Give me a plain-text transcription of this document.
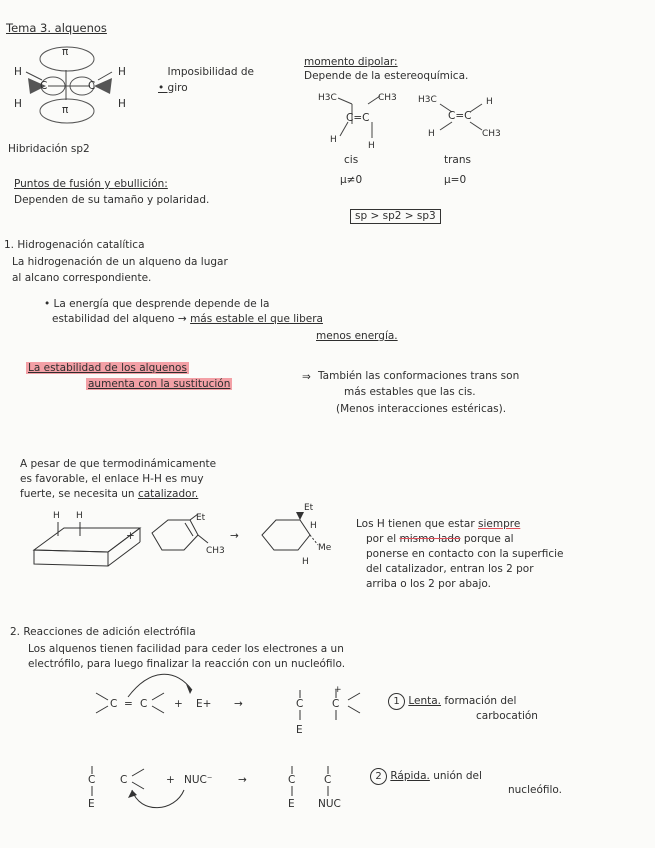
Tema 3. alquenos
π
π
H
H
H
H
C	C	• Imposibilidad de giro
Hibridación sp2
momento dipolar:
Depende de la estereoquímica.
H3C	CH3
C=C
H
H
H3C	H
C=C
H	CH3
cis	trans
μ≠0	μ=0
Puntos de fusión y ebullición:
Dependen de su tamaño y polaridad.
sp > sp2 > sp3
1. Hidrogenación catalítica
La hidrogenación de un alqueno da lugar
al alcano correspondiente.
• La energía que desprende depende de la
estabilidad del alqueno → más estable el que libera
menos energía.
La estabilidad de los alquenos
aumenta con la sustitución
⇒ También las conformaciones trans son
más estables que las cis.
(Menos interacciones estéricas).
A pesar de que termodinámicamente
es favorable, el enlace H-H es muy
fuerte, se necesita un catalizador.
H H
+
Et
CH3
→
Et
H
Me
H
Los H tienen que estar siempre
por el mismo lado porque al
ponerse en contacto con la superficie
del catalizador, entran los 2 por
arriba o los 2 por abajo.
2. Reacciones de adición electrófila
Los alquenos tienen facilidad para ceder los electrones a un
electrófilo, para luego finalizar la reacción con un nucleófilo.
C = C	+ E+ →	C	C
+
E
1 Lenta. formación del
carbocatión
C C
E
+ NUC⁻ →	C	C
E NUC
2 Rápida. unión del
nucleófilo.
